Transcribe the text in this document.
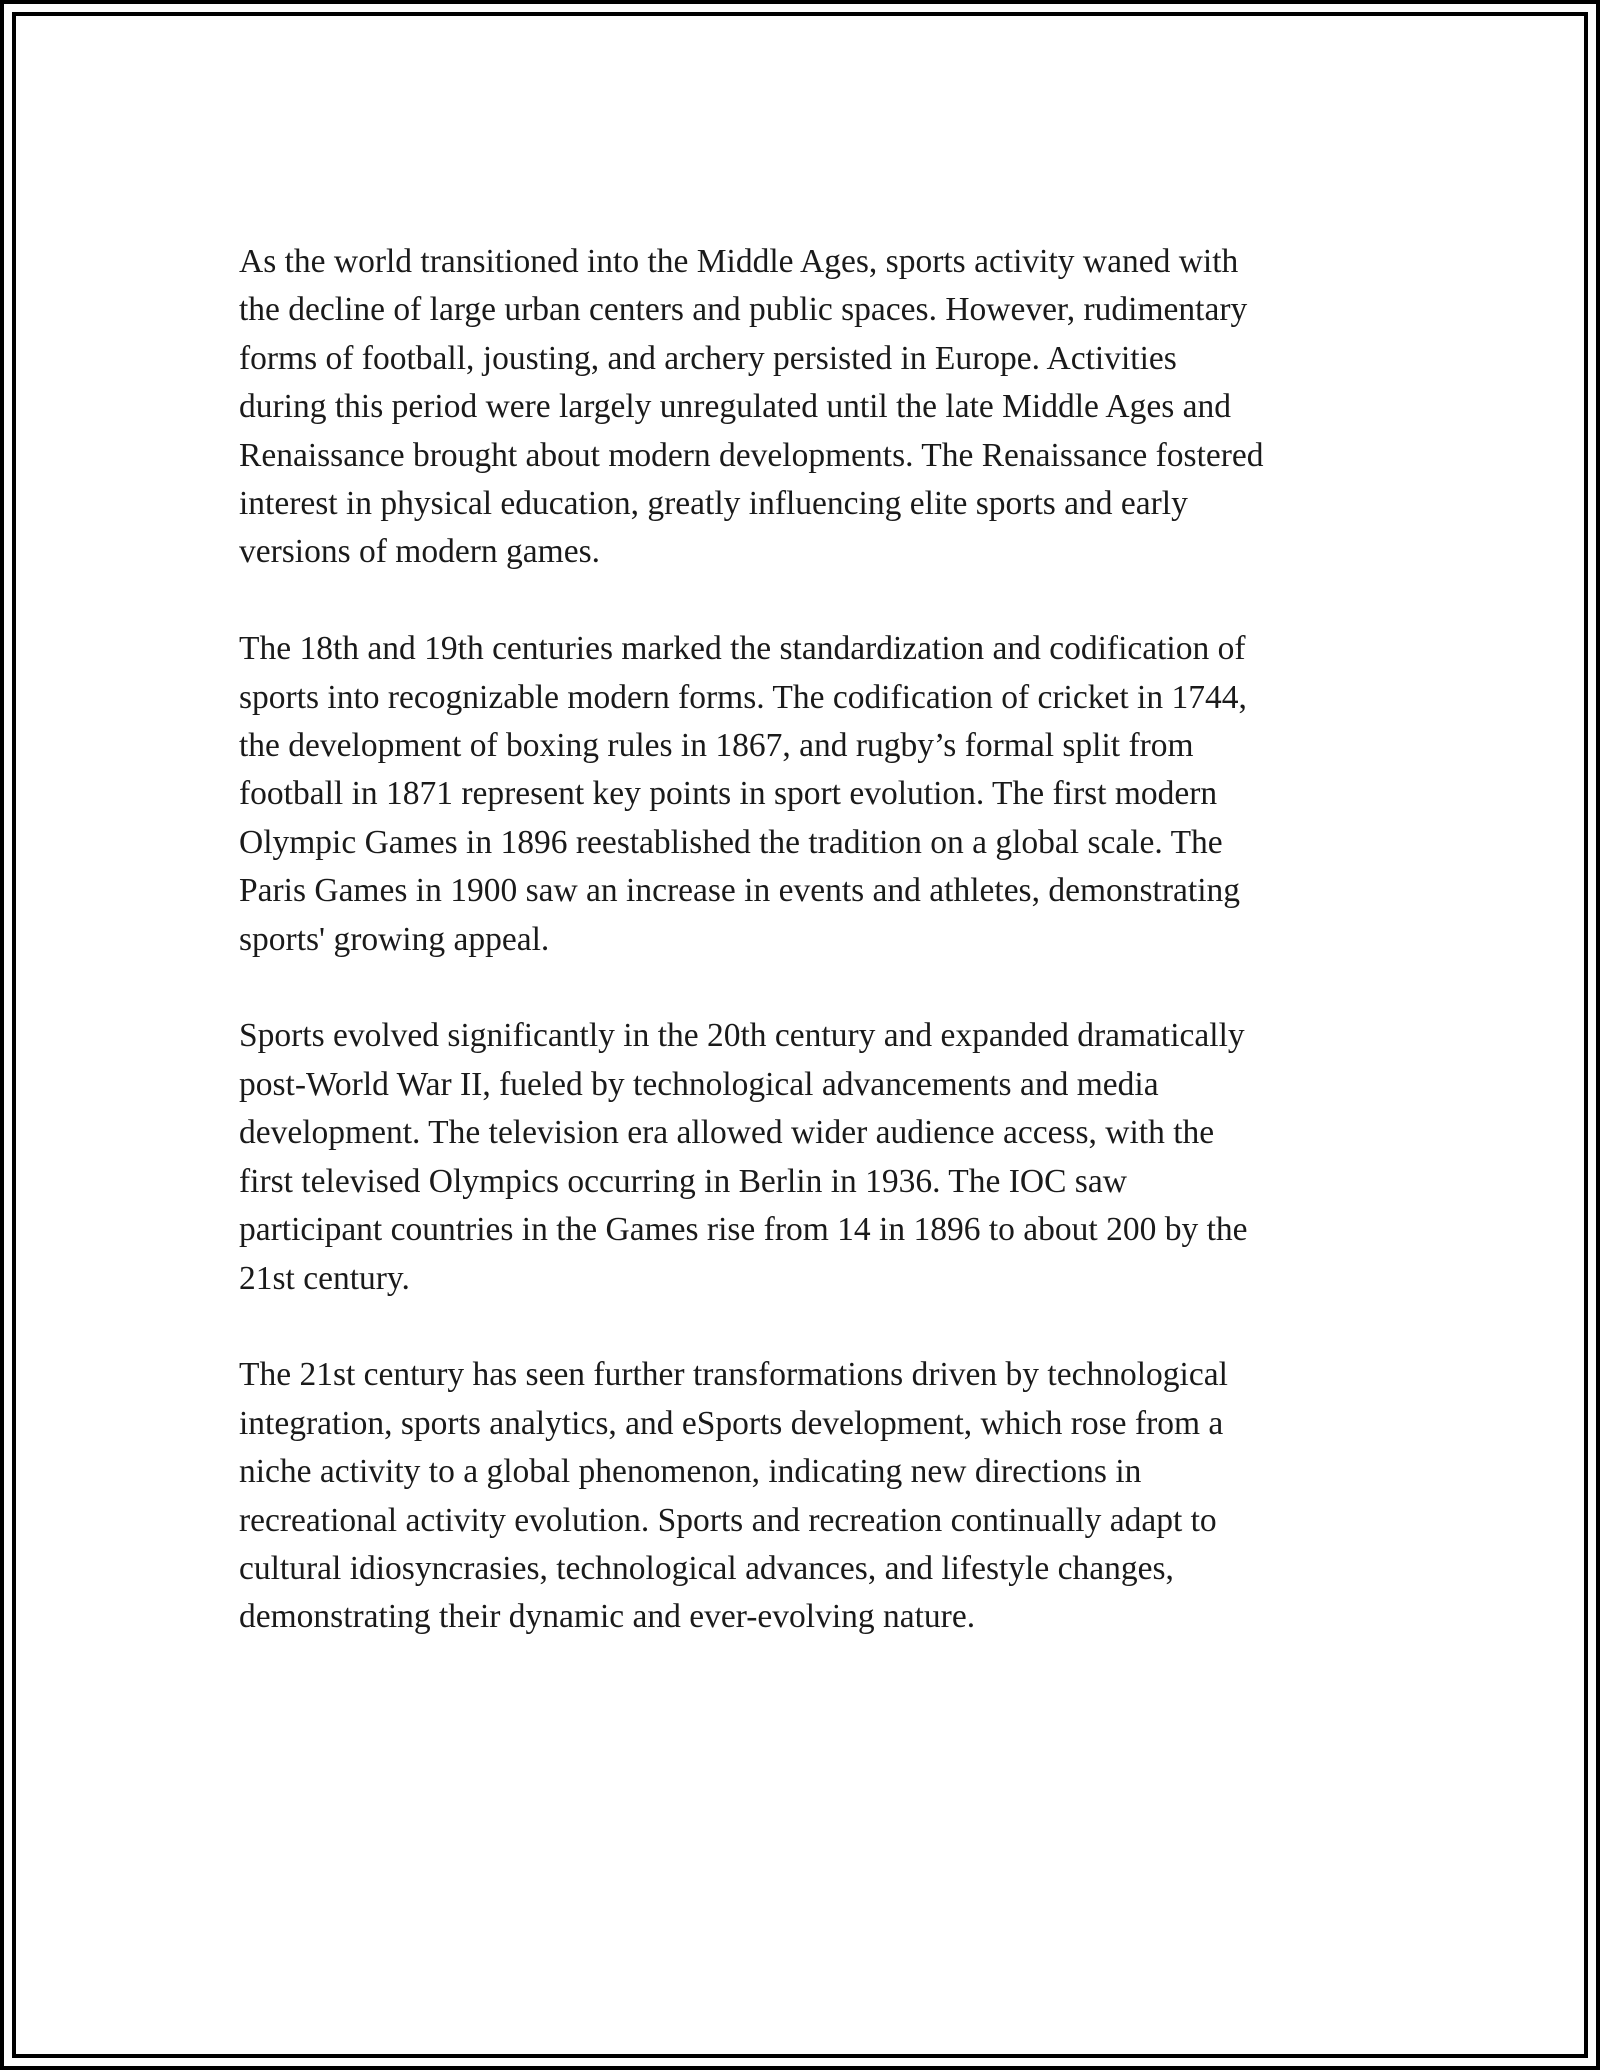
As the world transitioned into the Middle Ages, sports activity waned with
the decline of large urban centers and public spaces. However, rudimentary
forms of football, jousting, and archery persisted in Europe. Activities
during this period were largely unregulated until the late Middle Ages and
Renaissance brought about modern developments. The Renaissance fostered
interest in physical education, greatly influencing elite sports and early
versions of modern games.

The 18th and 19th centuries marked the standardization and codification of
sports into recognizable modern forms. The codification of cricket in 1744,
the development of boxing rules in 1867, and rugby’s formal split from
football in 1871 represent key points in sport evolution. The first modern
Olympic Games in 1896 reestablished the tradition on a global scale. The
Paris Games in 1900 saw an increase in events and athletes, demonstrating
sports' growing appeal.

Sports evolved significantly in the 20th century and expanded dramatically
post-World War II, fueled by technological advancements and media
development. The television era allowed wider audience access, with the
first televised Olympics occurring in Berlin in 1936. The IOC saw
participant countries in the Games rise from 14 in 1896 to about 200 by the
21st century.

The 21st century has seen further transformations driven by technological
integration, sports analytics, and eSports development, which rose from a
niche activity to a global phenomenon, indicating new directions in
recreational activity evolution. Sports and recreation continually adapt to
cultural idiosyncrasies, technological advances, and lifestyle changes,
demonstrating their dynamic and ever-evolving nature.
